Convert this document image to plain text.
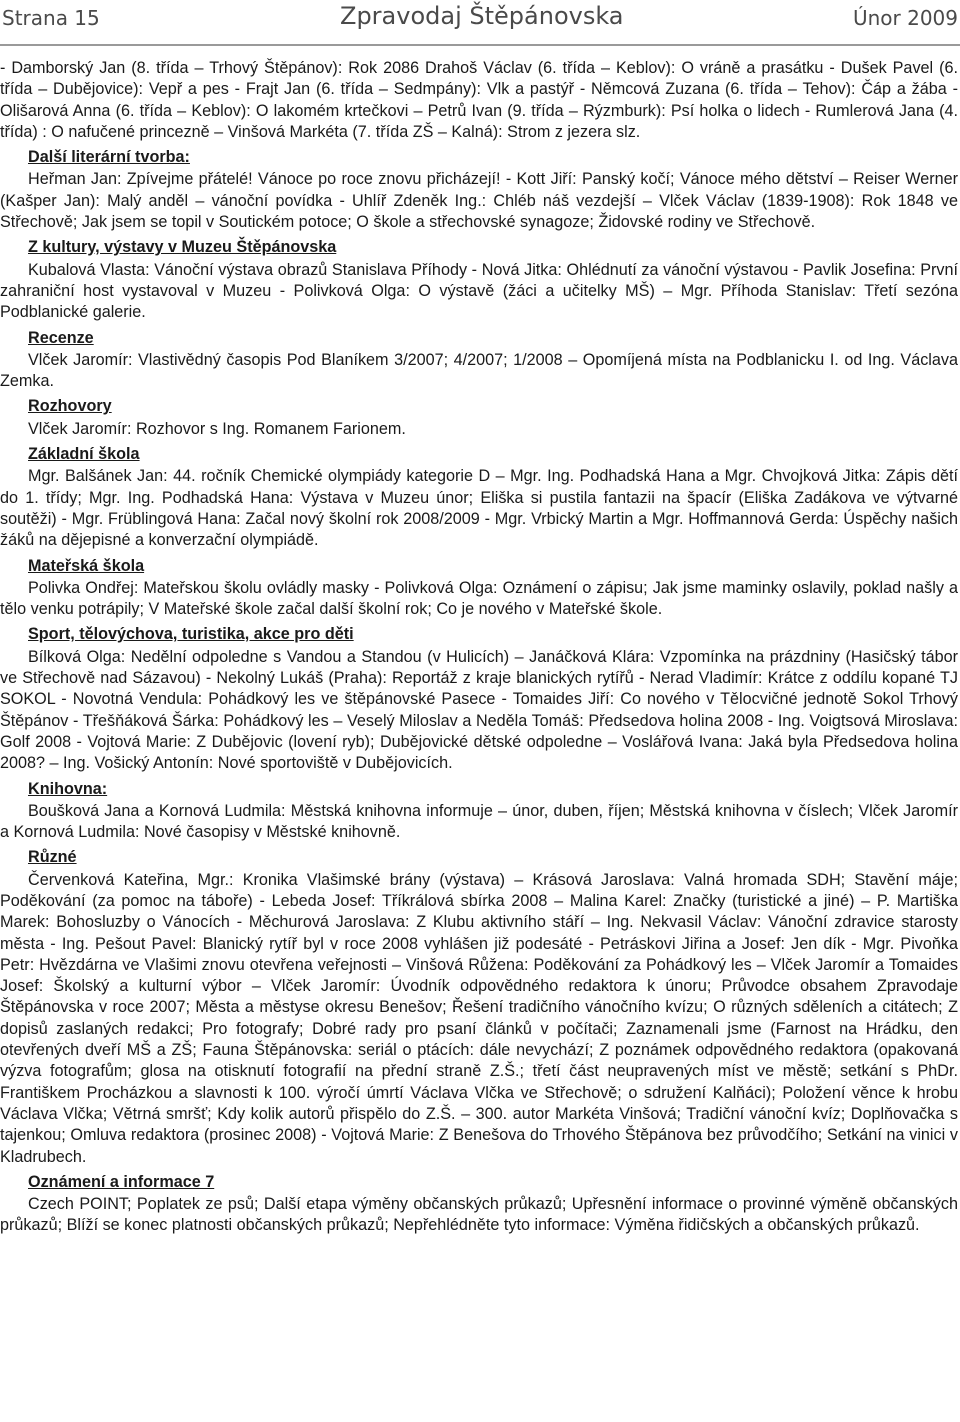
Strana 15	Zpravodaj Štěpánovska	Únor 2009

- Damborský Jan (8. třída – Trhový Štěpánov): Rok 2086 Drahoš Václav (6. třída – Keblov): O vráně a prasátku - Dušek Pavel (6. třída – Dubějovice): Vepř a pes - Frajt Jan (6. třída – Sedmpány): Vlk a pastýř - Němcová Zuzana (6. třída – Tehov): Čáp a žába - Olišarová Anna (6. třída – Keblov): O lakomém krtečkovi – Petrů Ivan (9. třída – Rýzmburk): Psí holka o lidech - Rumlerová Jana (4. třída) : O nafučené princezně – Vinšová Markéta (7. třída ZŠ – Kalná): Strom z jezera slz.

Další literární tvorba:

Heřman Jan: Zpívejme přátelé! Vánoce po roce znovu přicházejí! - Kott Jiří: Panský kočí; Vánoce mého dětství – Reiser Werner (Kašper Jan): Malý anděl – vánoční povídka - Uhlíř Zdeněk Ing.: Chléb náš vezdejší – Vlček Václav (1839-1908): Rok 1848 ve Střechově; Jak jsem se topil v Soutickém potoce; O škole a střechovské synagoze; Židovské rodiny ve Střechově.

Z kultury, výstavy v Muzeu Štěpánovska

Kubalová Vlasta: Vánoční výstava obrazů Stanislava Příhody - Nová Jitka: Ohlédnutí za vánoční výstavou - Pavlik Josefina: První zahraniční host vystavoval v Muzeu - Polivková Olga: O výstavě (žáci a učitelky MŠ) – Mgr. Příhoda Stanislav: Třetí sezóna Podblanické galerie.

Recenze

Vlček Jaromír: Vlastivědný časopis Pod Blaníkem 3/2007; 4/2007; 1/2008 – Opomíjená místa na Podblanicku I. od Ing. Václava Zemka.

Rozhovory

Vlček Jaromír: Rozhovor s Ing. Romanem Farionem.

Základní škola

Mgr. Balšánek Jan: 44. ročník Chemické olympiády kategorie D – Mgr. Ing. Podhadská Hana a Mgr. Chvojková Jitka: Zápis dětí do 1. třídy; Mgr. Ing. Podhadská Hana: Výstava v Muzeu únor; Eliška si pustila fantazii na špacír (Eliška Zadákova ve výtvarné soutěži) - Mgr. Früblingová Hana: Začal nový školní rok 2008/2009 - Mgr. Vrbický Martin a Mgr. Hoffmannová Gerda: Úspěchy našich žáků na dějepisné a konverzační olympiádě.

Mateřská škola

Polivka Ondřej: Mateřskou školu ovládly masky - Polivková Olga: Oznámení o zápisu; Jak jsme maminky oslavily, poklad našly a tělo venku potrápily; V Mateřské škole začal další školní rok; Co je nového v Mateřské škole.

Sport, tělovýchova, turistika, akce pro děti

Bílková Olga: Nedělní odpoledne s Vandou a Standou (v Hulicích) – Janáčková Klára: Vzpomínka na prázdniny (Hasičský tábor ve Střechově nad Sázavou) - Nekolný Lukáš (Praha): Reportáž z kraje blanických rytířů - Nerad Vladimír: Krátce z oddílu kopané TJ SOKOL - Novotná Vendula: Pohádkový les ve štěpánovské Pasece - Tomaides Jiří: Co nového v Tělocvičné jednotě Sokol Trhový Štěpánov - Třešňáková Šárka: Pohádkový les – Veselý Miloslav a Neděla Tomáš: Předsedova holina 2008 - Ing. Voigtsová Miroslava: Golf 2008 - Vojtová Marie: Z Dubějovic (lovení ryb); Dubějovické dětské odpoledne – Voslářová Ivana: Jaká byla Předsedova holina 2008? – Ing. Vošický Antonín: Nové sportoviště v Dubějovicích.

Knihovna:

Boušková Jana a Kornová Ludmila: Městská knihovna informuje – únor, duben, říjen; Městská knihovna v číslech; Vlček Jaromír a Kornová Ludmila: Nové časopisy v Městské knihovně.

Různé

Červenková Kateřina, Mgr.: Kronika Vlašimské brány (výstava) – Krásová Jaroslava: Valná hromada SDH; Stavění máje; Poděkování (za pomoc na táboře) - Lebeda Josef: Tříkrálová sbírka 2008 – Malina Karel: Značky (turistické a jiné) – P. Martiška Marek: Bohosluzby o Vánocích - Měchurová Jaroslava: Z Klubu aktivního stáří – Ing. Nekvasil Václav: Vánoční zdravice starosty města - Ing. Pešout Pavel: Blanický rytíř byl v roce 2008 vyhlášen již podesáté - Petráskovi Jiřina a Josef: Jen dík - Mgr. Pivoňka Petr: Hvězdárna ve Vlašimi znovu otevřena veřejnosti – Vinšová Růžena: Poděkování za Pohádkový les – Vlček Jaromír a Tomaides Josef: Školský a kulturní výbor – Vlček Jaromír: Úvodník odpovědného redaktora k únoru; Průvodce obsahem Zpravodaje Štěpánovska v roce 2007; Města a městyse okresu Benešov; Řešení tradičního vánočního kvízu; O různých sděleních a citátech; Z dopisů zaslaných redakci; Pro fotografy; Dobré rady pro psaní článků v počítači; Zaznamenali jsme (Farnost na Hrádku, den otevřených dveří MŠ a ZŠ; Fauna Štěpánovska: seriál o ptácích: dále nevychází; Z poznámek odpovědného redaktora (opakovaná výzva fotografům; glosa na otisknutí fotografií na přední straně Z.Š.; třetí část neupravených míst ve městě; setkání s PhDr. Františkem Procházkou a slavnosti k 100. výročí úmrtí Václava Vlčka ve Střechově; o sdružení Kalňáci); Položení věnce k hrobu Václava Vlčka; Větrná smršť; Kdy kolik autorů přispělo do Z.Š. – 300. autor Markéta Vinšová; Tradiční vánoční kvíz; Doplňovačka s tajenkou; Omluva redaktora (prosinec 2008) - Vojtová Marie: Z Benešova do Trhového Štěpánova bez průvodčího; Setkání na vinici v Kladrubech.

Oznámení a informace 7

Czech POINT; Poplatek ze psů; Další etapa výměny občanských průkazů; Upřesnění informace o provinné výměně občanských průkazů; Blíží se konec platnosti občanských průkazů; Nepřehlédněte tyto informace: Výměna řidičských a občanských průkazů.
